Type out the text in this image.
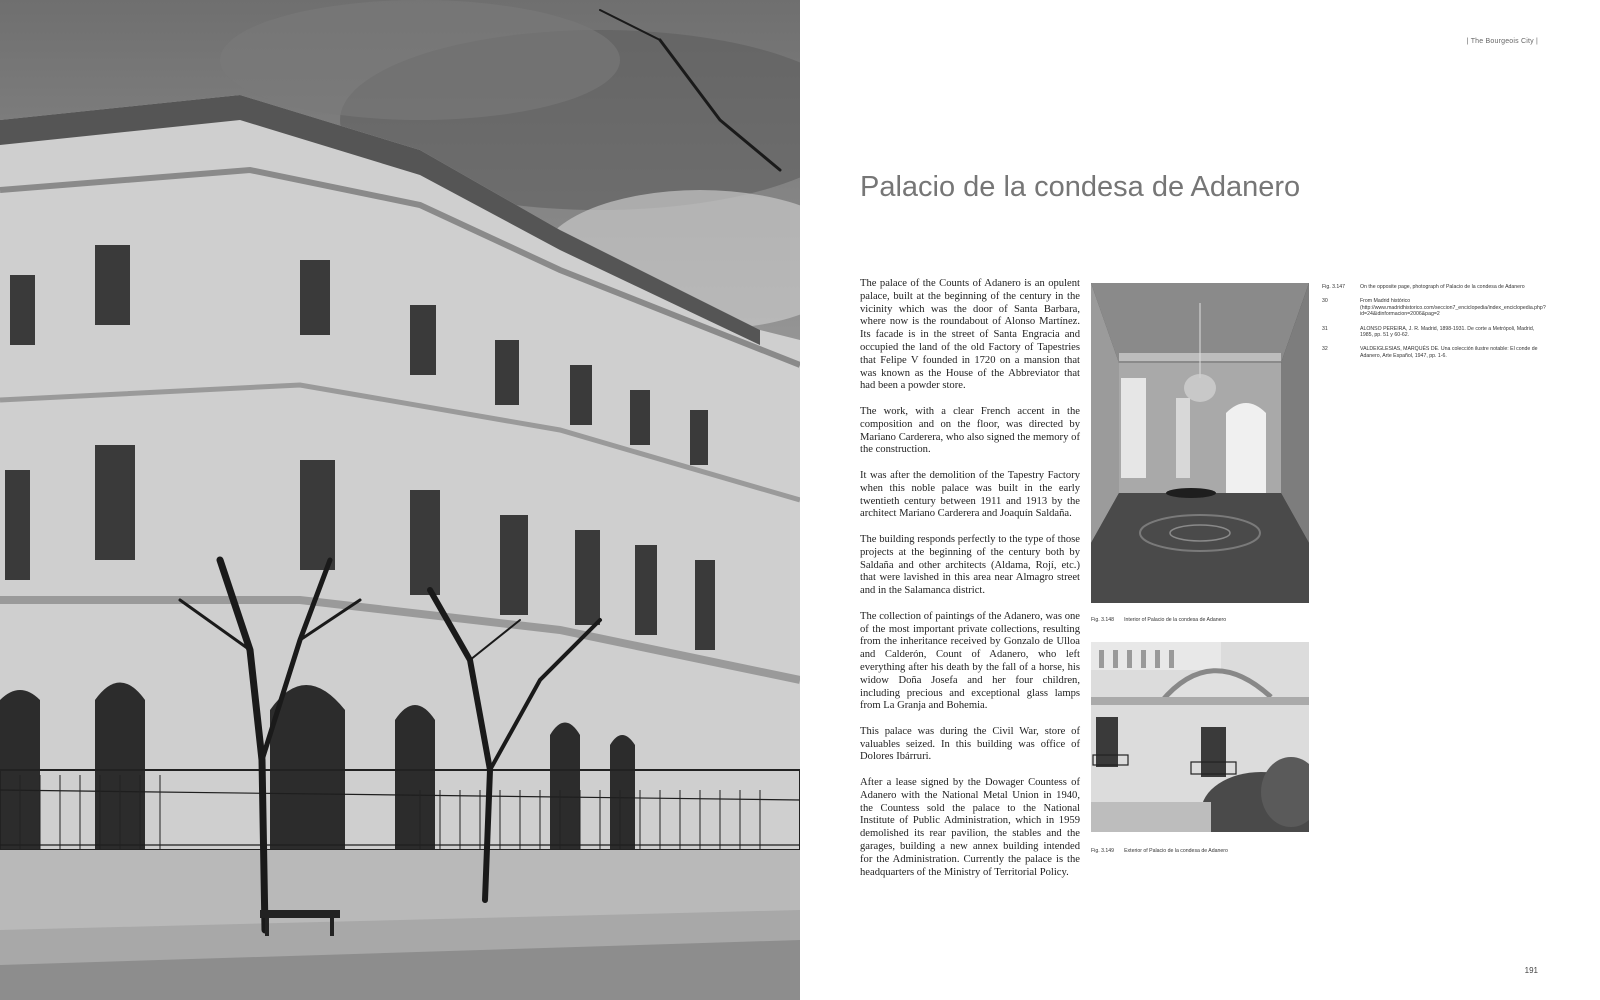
| The Bourgeois City |
Palacio de la condesa de Adanero

The palace of the Counts of Adanero is an opulent palace, built at the beginning of the century in the vicinity which was the door of Santa Barbara, where now is the roundabout of Alonso Martínez. Its facade is in the street of Santa Engracia and occupied the land of the old Factory of Tapestries that Felipe V founded in 1720 on a mansion that was known as the House of the Abbreviator that had been a powder store.

The work, with a clear French accent in the composition and on the floor, was directed by Mariano Carderera, who also signed the memory of the construction.

It was after the demolition of the Tapestry Factory when this noble palace was built in the early twentieth century between 1911 and 1913 by the architect Mariano Carderera and Joaquín Saldaña.

The building responds perfectly to the type of those projects at the beginning of the century both by Saldaña and other architects (Aldama, Rojí, etc.) that were lavished in this area near Almagro street and in the Salamanca district.

The collection of paintings of the Adanero, was one of the most important private collections, resulting from the inheritance received by Gonzalo de Ulloa and Calderón, Count of Adanero, who left everything after his death by the fall of a horse, his widow Doña Josefa and her four children, including precious and exceptional glass lamps from La Granja and Bohemia.

This palace was during the Civil War, store of valuables seized. In this building was office of Dolores Ibárruri.

After a lease signed by the Dowager Countess of Adanero with the National Metal Union in 1940, the Countess sold the palace to the National Institute of Public Administration, which in 1959 demolished its rear pavilion, the stables and the garages, building a new annex building intended for the Administration. Currently the palace is the headquarters of the Ministry of Territorial Policy.

Fig. 3.148 Interior of Palacio de la condesa de Adanero
Fig. 3.149 Exterior of Palacio de la condesa de Adanero
Fig. 3.147	On the opposite page, photograph of Palacio de la condesa de Adanero
30	From Madrid histórico (http://www.madridhistorico.com/seccion7_enciclopedia/index_enciclopedia.php?id=24&idinformacion=2006&pag=2
31	ALONSO PEREIRA, J. R. Madrid, 1898-1931. De corte a Metrópoli, Madrid, 1985, pp. 51 y 60-62.
32	VALDEIGLESIAS, MARQUÉS DE. Una colección ilustre notable: El conde de Adanero, Arte Español, 1947, pp. 1-6.
191
